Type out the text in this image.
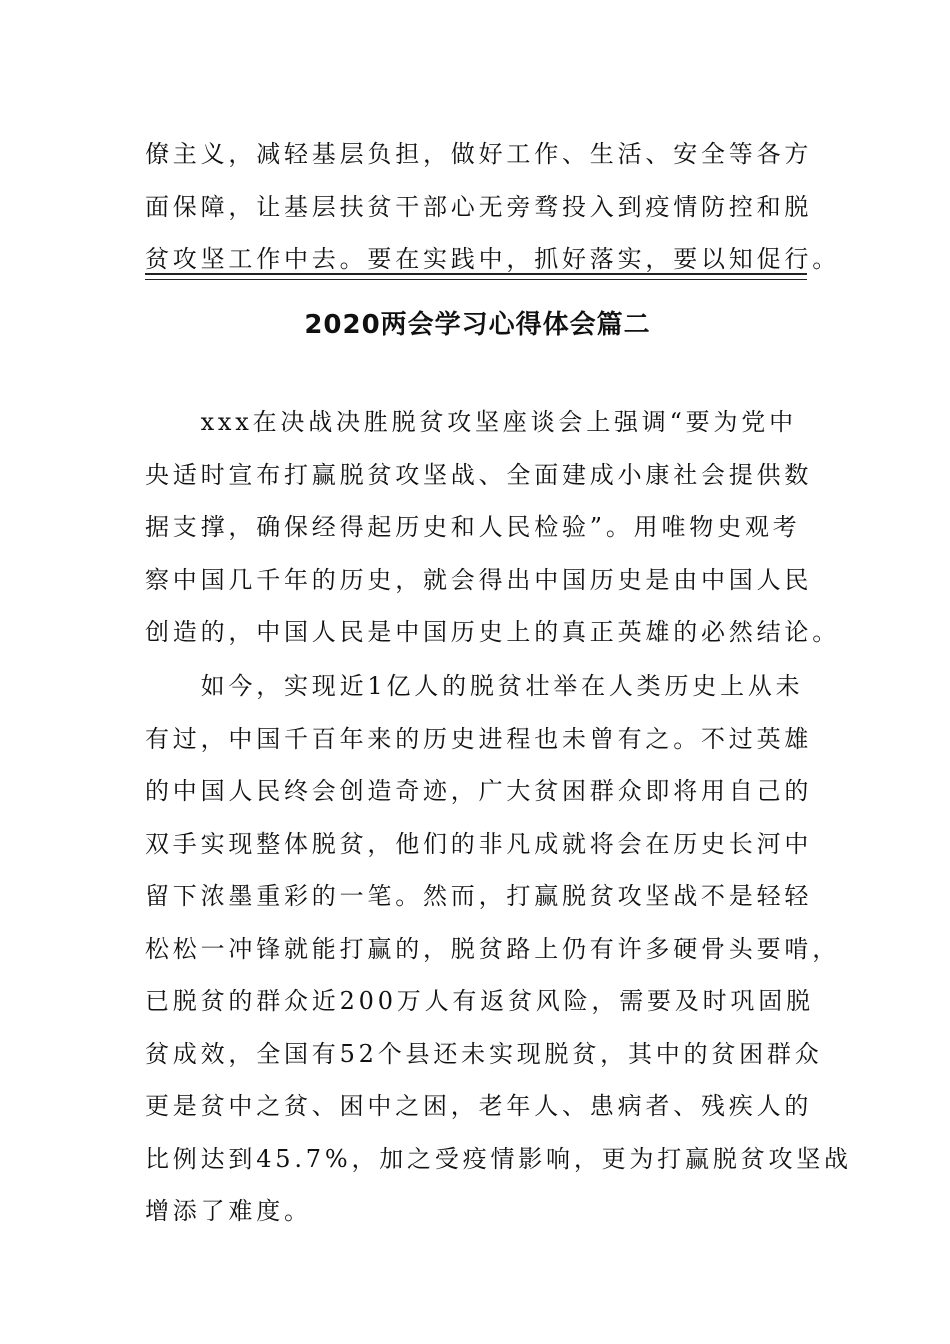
僚主义，减轻基层负担，做好工作、生活、安全等各方
面保障，让基层扶贫干部心无旁骛投入到疫情防控和脱
贫攻坚工作中去。要在实践中，抓好落实，要以知促行。
2020两会学习心得体会篇二
　　xxx在决战决胜脱贫攻坚座谈会上强调“要为党中
央适时宣布打赢脱贫攻坚战、全面建成小康社会提供数
据支撑，确保经得起历史和人民检验”。用唯物史观考
察中国几千年的历史，就会得出中国历史是由中国人民
创造的，中国人民是中国历史上的真正英雄的必然结论。
　　如今，实现近1亿人的脱贫壮举在人类历史上从未
有过，中国千百年来的历史进程也未曾有之。不过英雄
的中国人民终会创造奇迹，广大贫困群众即将用自己的
双手实现整体脱贫，他们的非凡成就将会在历史长河中
留下浓墨重彩的一笔。然而，打赢脱贫攻坚战不是轻轻
松松一冲锋就能打赢的，脱贫路上仍有许多硬骨头要啃，
已脱贫的群众近200万人有返贫风险，需要及时巩固脱
贫成效，全国有52个县还未实现脱贫，其中的贫困群众
更是贫中之贫、困中之困，老年人、患病者、残疾人的
比例达到45.7%，加之受疫情影响，更为打赢脱贫攻坚战
增添了难度。
